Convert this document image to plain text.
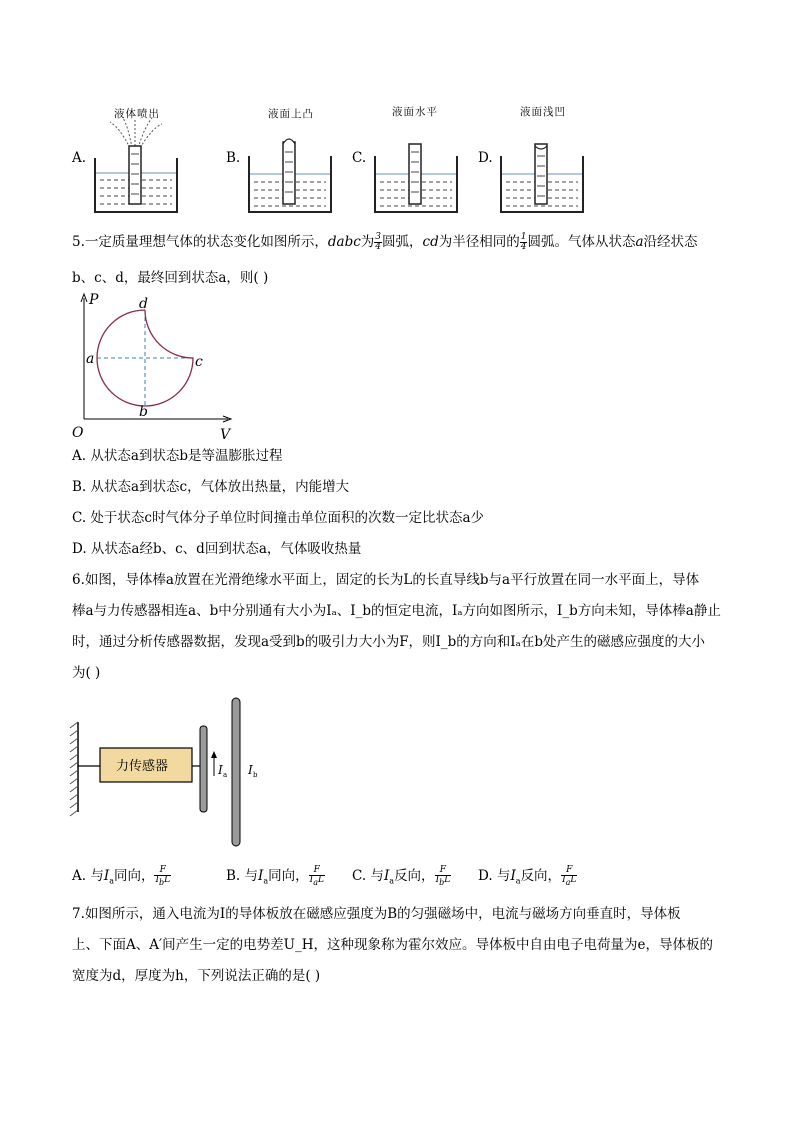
A.
液体喷出
B.
液面上凸
C.
液面水平
D.
液面浅凹
5.一定质量理想气体的状态变化如图所示，dabc为 $\frac{3}{4}$ 圆弧，cd为半径相同的 $\frac{1}{4}$ 圆弧。气体从状态a沿经状态
b、c、d，最终回到状态a，则( )
P
V
O
a
b
c
d
A. 从状态a到状态b是等温膨胀过程
B. 从状态a到状态c，气体放出热量，内能增大
C. 处于状态c时气体分子单位时间撞击单位面积的次数一定比状态a少
D. 从状态a经b、c、d回到状态a，气体吸收热量
6.如图，导体棒a放置在光滑绝缘水平面上，固定的长为L的长直导线b与a平行放置在同一水平面上，导体
棒a与力传感器相连a、b中分别通有大小为Iₐ、I_b的恒定电流，Iₐ方向如图所示，I_b方向未知，导体棒a静止
时，通过分析传感器数据，发现a受到b的吸引力大小为F，则I_b的方向和Iₐ在b处产生的磁感应强度的大小
为( )
力传感器	I a I b
A. 与$I_a$同向， $\frac{F}{I_bL}$	B. 与$I_a$同向， $\frac{F}{I_aL} C$. 与$I_a$反向， $\frac{F}{I_bL} D$. 与$I_a$反向， $\frac{F}{I_aL}$
7.如图所示，通入电流为I的导体板放在磁感应强度为B的匀强磁场中，电流与磁场方向垂直时，导体板
上、下面A、A′间产生一定的电势差U_H，这种现象称为霍尔效应。导体板中自由电子电荷量为e，导体板的
宽度为d，厚度为h，下列说法正确的是( )
